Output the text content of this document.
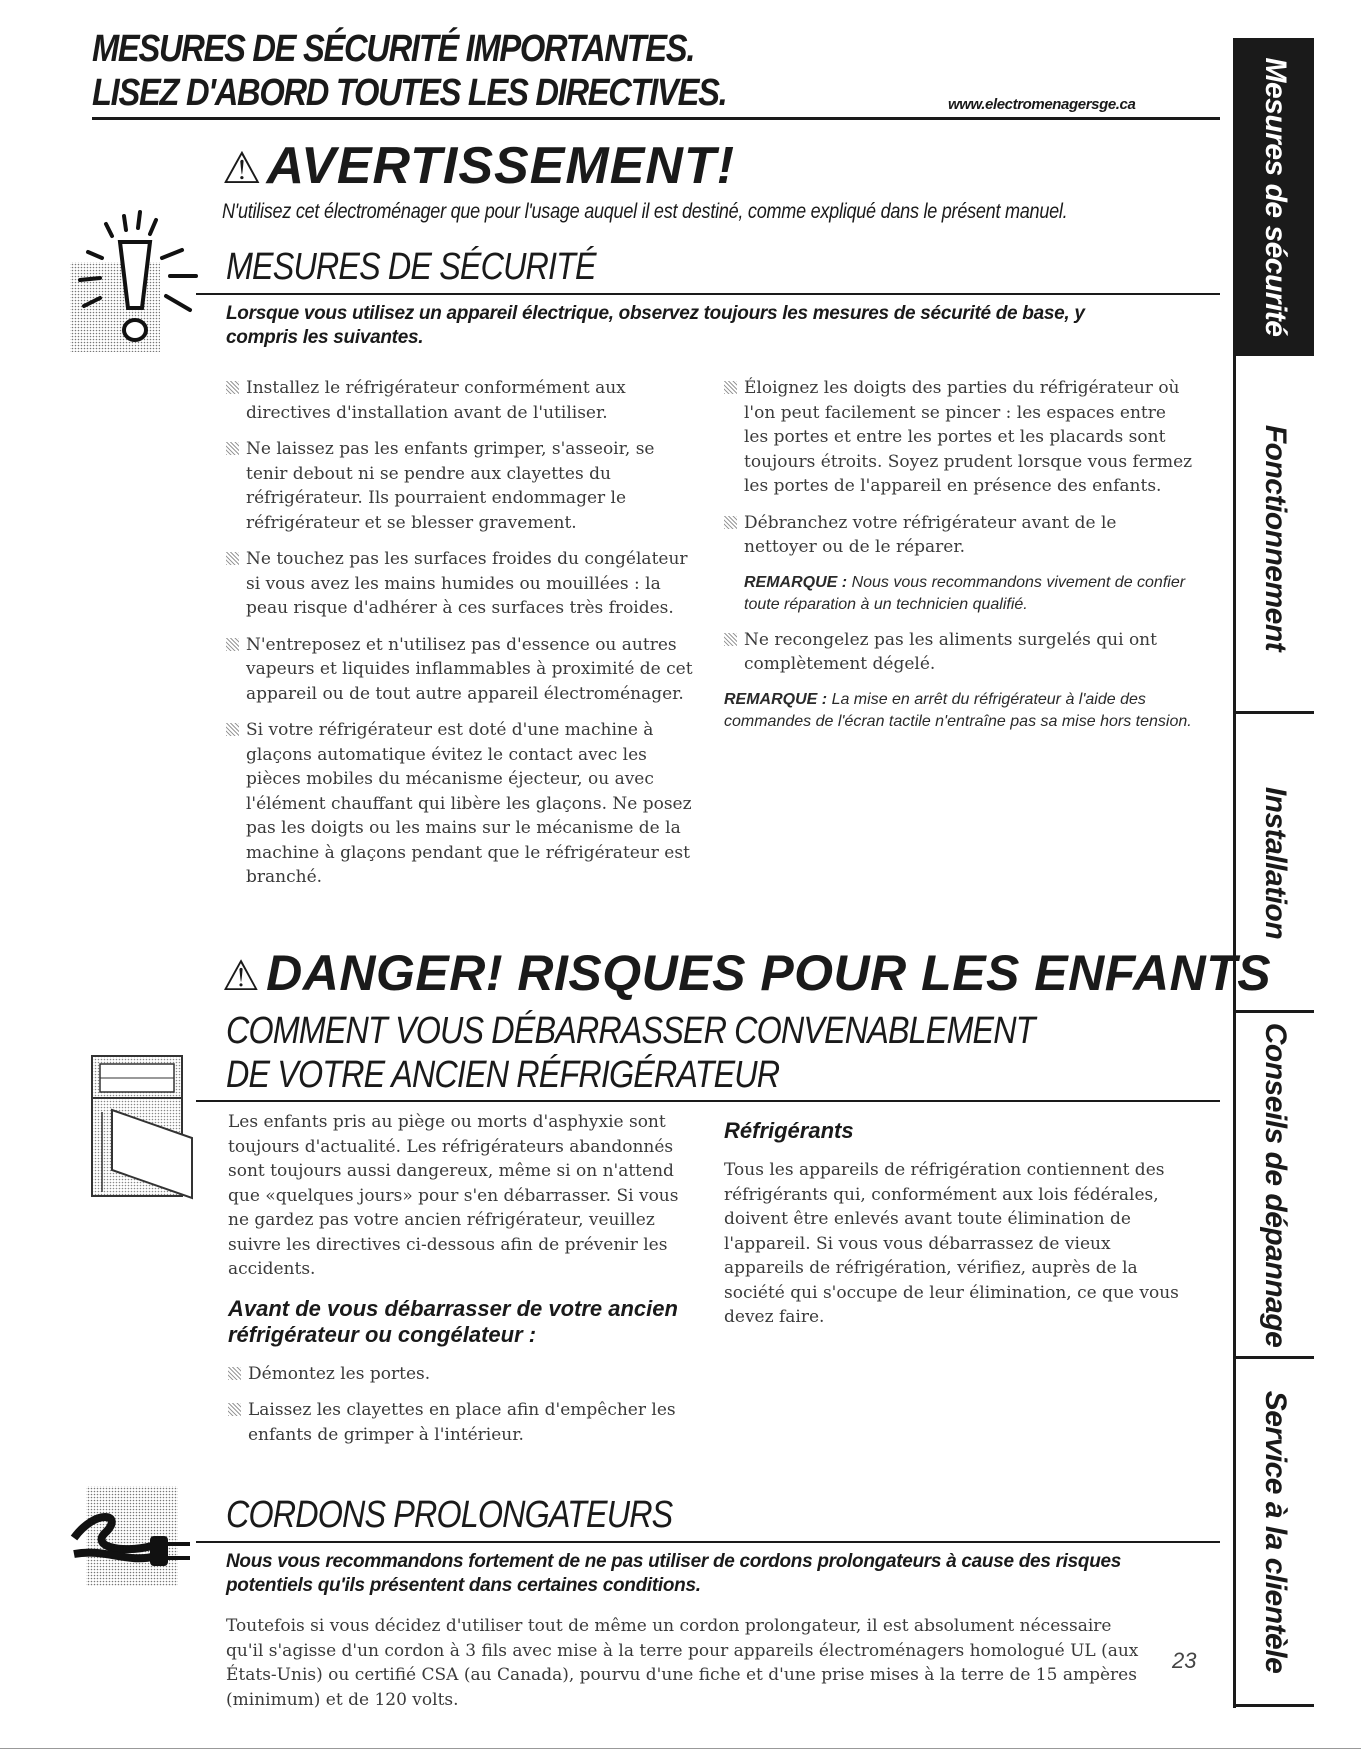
MESURES DE SÉCURITÉ IMPORTANTES.
LISEZ D'ABORD TOUTES LES DIRECTIVES.	www.electromenagersge.ca
⚠AVERTISSEMENT!
N'utilisez cet électroménager que pour l'usage auquel il est destiné, comme expliqué dans le présent manuel.
MESURES DE SÉCURITÉ
Lorsque vous utilisez un appareil électrique, observez toujours les mesures de sécurité de base, y compris les suivantes.

Installez le réfrigérateur conformément aux directives d'installation avant de l'utiliser.

Ne laissez pas les enfants grimper, s'asseoir, se tenir debout ni se pendre aux clayettes du réfrigérateur. Ils pourraient endommager le réfrigérateur et se blesser gravement.

Ne touchez pas les surfaces froides du congélateur si vous avez les mains humides ou mouillées : la peau risque d'adhérer à ces surfaces très froides.

N'entreposez et n'utilisez pas d'essence ou autres vapeurs et liquides inflammables à proximité de cet appareil ou de tout autre appareil électroménager.

Si votre réfrigérateur est doté d'une machine à glaçons automatique évitez le contact avec les pièces mobiles du mécanisme éjecteur, ou avec l'élément chauffant qui libère les glaçons. Ne posez pas les doigts ou les mains sur le mécanisme de la machine à glaçons pendant que le réfrigérateur est branché.

Éloignez les doigts des parties du réfrigérateur où l'on peut facilement se pincer : les espaces entre les portes et entre les portes et les placards sont toujours étroits. Soyez prudent lorsque vous fermez les portes de l'appareil en présence des enfants.

Débranchez votre réfrigérateur avant de le nettoyer ou de le réparer.

REMARQUE : Nous vous recommandons vivement de confier toute réparation à un technicien qualifié.

Ne recongelez pas les aliments surgelés qui ont complètement dégelé.

REMARQUE : La mise en arrêt du réfrigérateur à l'aide des commandes de l'écran tactile n'entraîne pas sa mise hors tension.
⚠ DANGER! RISQUES POUR LES ENFANTS
COMMENT VOUS DÉBARRASSER CONVENABLEMENT
DE VOTRE ANCIEN RÉFRIGÉRATEUR
Les enfants pris au piège ou morts d'asphyxie sont toujours d'actualité. Les réfrigérateurs abandonnés sont toujours aussi dangereux, même si on n'attend que «quelques jours» pour s'en débarrasser. Si vous ne gardez pas votre ancien réfrigérateur, veuillez suivre les directives ci-dessous afin de prévenir les accidents.
Avant de vous débarrasser de votre ancien réfrigérateur ou congélateur :

Démontez les portes.

Laissez les clayettes en place afin d'empêcher les enfants de grimper à l'intérieur.

Réfrigérants
Tous les appareils de réfrigération contiennent des réfrigérants qui, conformément aux lois fédérales, doivent être enlevés avant toute élimination de l'appareil. Si vous vous débarrassez de vieux appareils de réfrigération, vérifiez, auprès de la société qui s'occupe de leur élimination, ce que vous devez faire.
CORDONS PROLONGATEURS
Nous vous recommandons fortement de ne pas utiliser de cordons prolongateurs à cause des risques potentiels qu'ils présentent dans certaines conditions.
Toutefois si vous décidez d'utiliser tout de même un cordon prolongateur, il est absolument nécessaire qu'il s'agisse d'un cordon à 3 fils avec mise à la terre pour appareils électroménagers homologué UL (aux États-Unis) ou certifié CSA (au Canada), pourvu d'une fiche et d'une prise mises à la terre de 15 ampères (minimum) et de 120 volts.
23
Mesures de sécurité
Fonctionnement
Installation
Conseils de dépannage
Service à la clientèle
